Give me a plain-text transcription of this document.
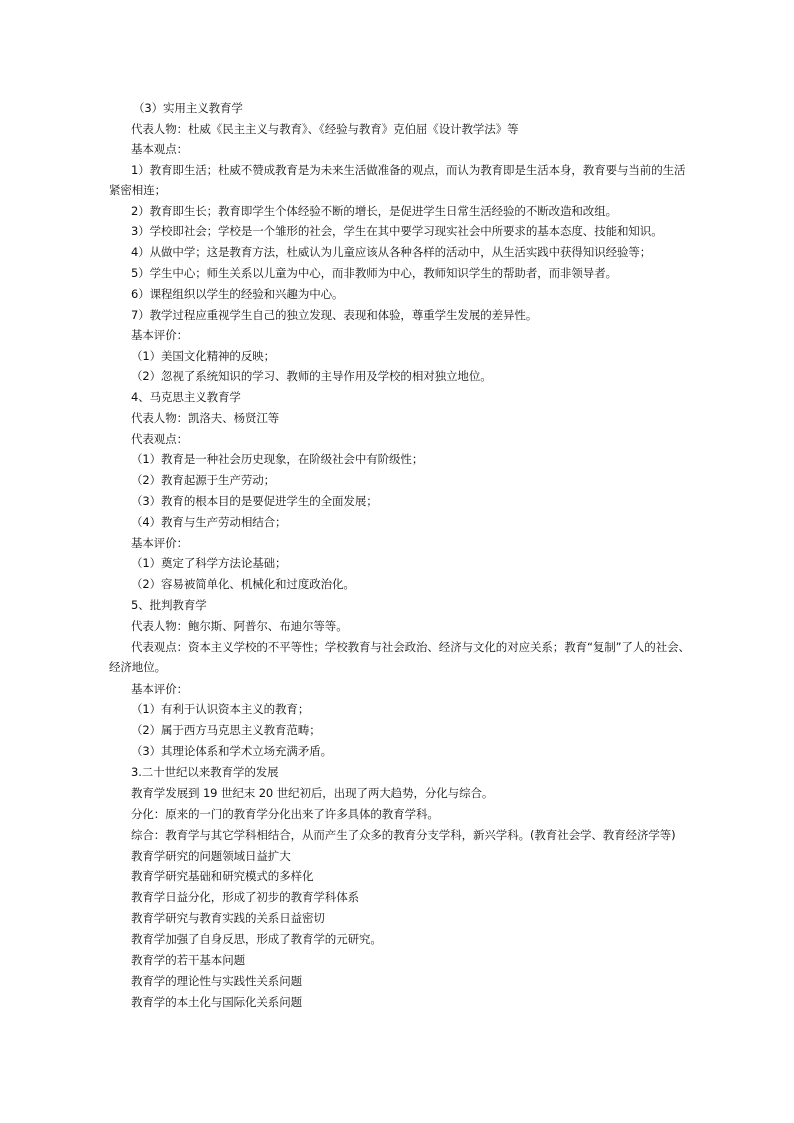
（3）实用主义教育学
代表人物：杜威《民主主义与教育》、《经验与教育》克伯屈《设计教学法》等
基本观点：
1）教育即生活；杜威不赞成教育是为未来生活做准备的观点，而认为教育即是生活本身，教育要与当前的生活
紧密相连；
2）教育即生长；教育即学生个体经验不断的增长，是促进学生日常生活经验的不断改造和改组。
3）学校即社会；学校是一个雏形的社会，学生在其中要学习现实社会中所要求的基本态度、技能和知识。
4）从做中学；这是教育方法，杜威认为儿童应该从各种各样的活动中，从生活实践中获得知识经验等；
5）学生中心；师生关系以儿童为中心，而非教师为中心，教师知识学生的帮助者，而非领导者。
6）课程组织以学生的经验和兴趣为中心。
7）教学过程应重视学生自己的独立发现、表现和体验，尊重学生发展的差异性。
基本评价：
（1）美国文化精神的反映；
（2）忽视了系统知识的学习、教师的主导作用及学校的相对独立地位。
4、马克思主义教育学
代表人物：凯洛夫、杨贤江等
代表观点：
（1）教育是一种社会历史现象，在阶级社会中有阶级性；
（2）教育起源于生产劳动；
（3）教育的根本目的是要促进学生的全面发展；
（4）教育与生产劳动相结合；
基本评价：
（1）奠定了科学方法论基础；
（2）容易被简单化、机械化和过度政治化。
5、批判教育学
代表人物：鲍尔斯、阿普尔、布迪尔等等。
代表观点：资本主义学校的不平等性；学校教育与社会政治、经济与文化的对应关系；教育“复制”了人的社会、
经济地位。
基本评价：
（1）有利于认识资本主义的教育；
（2）属于西方马克思主义教育范畴；
（3）其理论体系和学术立场充满矛盾。
3.二十世纪以来教育学的发展
教育学发展到 19 世纪末 20 世纪初后，出现了两大趋势，分化与综合。
分化：原来的一门的教育学分化出来了许多具体的教育学科。
综合：教育学与其它学科相结合，从而产生了众多的教育分支学科，新兴学科。(教育社会学、教育经济学等)
教育学研究的问题领域日益扩大
教育学研究基础和研究模式的多样化
教育学日益分化，形成了初步的教育学科体系
教育学研究与教育实践的关系日益密切
教育学加强了自身反思，形成了教育学的元研究。
教育学的若干基本问题
教育学的理论性与实践性关系问题
教育学的本土化与国际化关系问题
